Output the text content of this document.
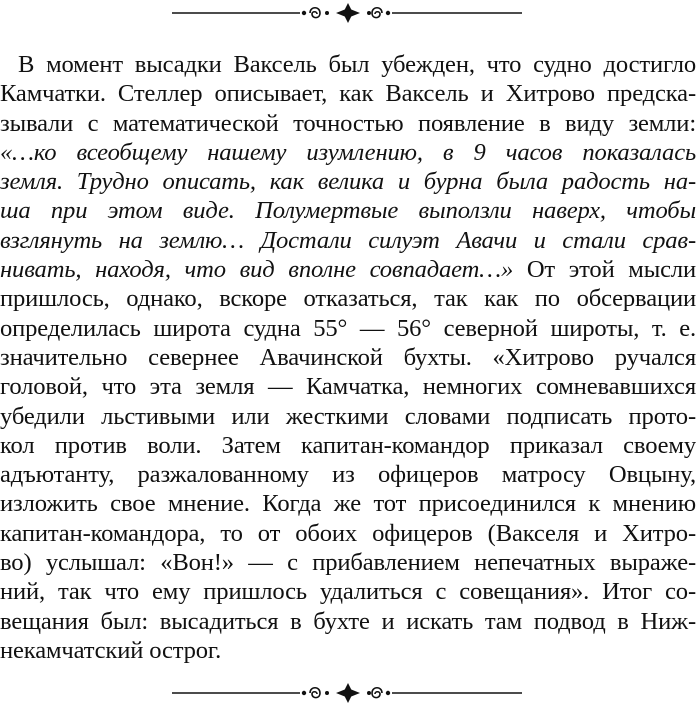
В момент высадки Ваксель был убежден, что судно достигло
Камчатки. Стеллер описывает, как Ваксель и Хитрово предска-
зывали с математической точностью появление в виду земли:
«…ко всеобщему нашему изумлению, в 9 часов показалась
земля. Трудно описать, как велика и бурна была радость на-
ша при этом виде. Полумертвые выползли наверх, чтобы
взглянуть на землю… Достали силуэт Авачи и стали срав-
нивать, находя, что вид вполне совпадает…» От этой мысли
пришлось, однако, вскоре отказаться, так как по обсервации
определилась широта судна 55° — 56° северной широты, т. е.
значительно севернее Авачинской бухты. «Хитрово ручался
головой, что эта земля — Камчатка, немногих сомневавшихся
убедили льстивыми или жесткими словами подписать прото-
кол против воли. Затем капитан-командор приказал своему
адъютанту, разжалованному из офицеров матросу Овцыну,
изложить свое мнение. Когда же тот присоединился к мнению
капитан-командора, то от обоих офицеров (Вакселя и Хитро-
во) услышал: «Вон!» — с прибавлением непечатных выраже-
ний, так что ему пришлось удалиться с совещания». Итог со-
вещания был: высадиться в бухте и искать там подвод в Ниж-
некамчатский острог.
